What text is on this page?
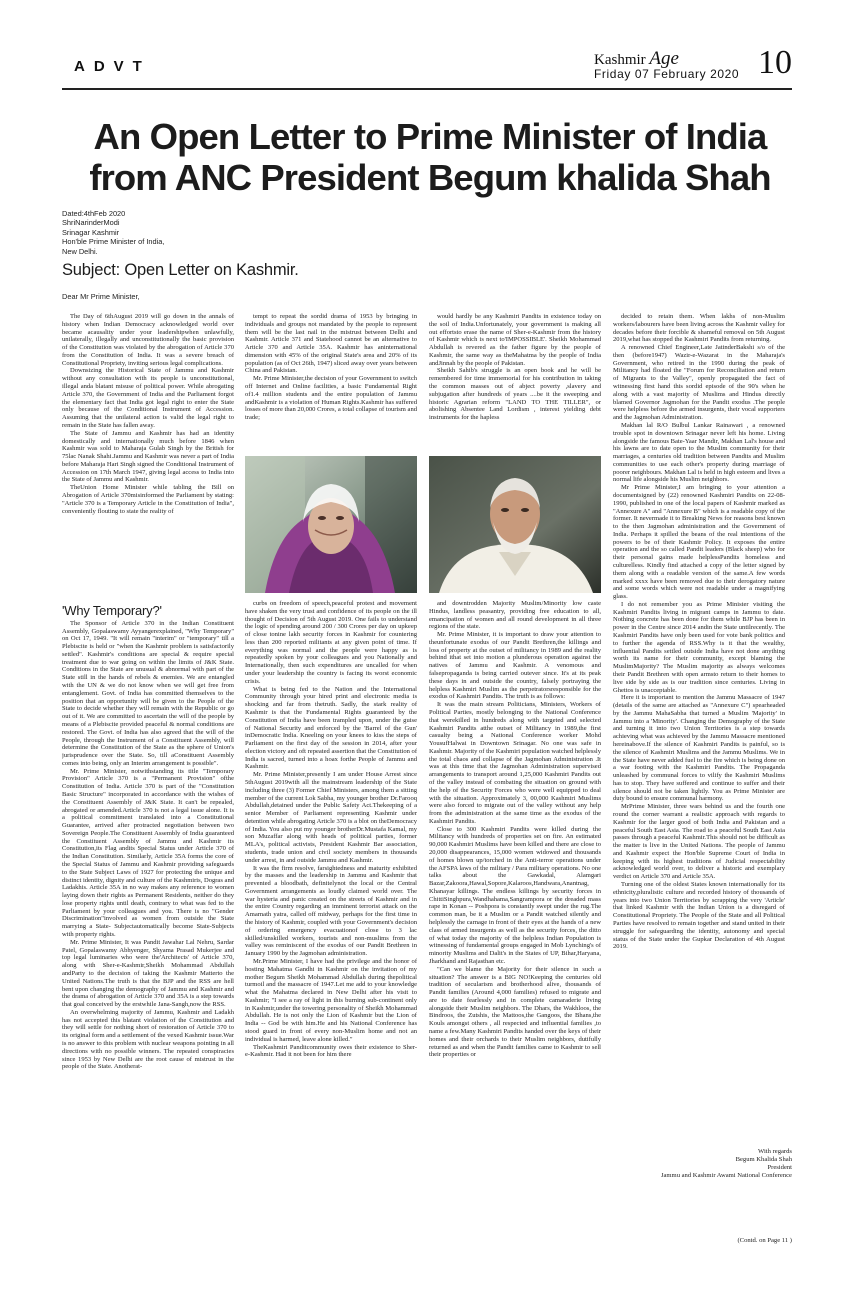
ADVT	Kashmir Age
Friday 07 February 2020 10
An Open Letter to Prime Minister of India
from ANC President Begum khalida Shah
Dated:4thFeb 2020
ShriNarinderModi
Srinagar Kashmir
Hon'ble Prime Minister of India,
New Delhi.
Subject: Open Letter on Kashmir.
Dear Mr Prime Minister,

The Day of 6thAugust 2019 will go down in the annals of history when Indian Democracy acknowledged world over became acausality under your leadershipwhen unlawfully, unilaterally, illegally and unconstitutionally the basic provision of the Constitution was violated by the abrogation of Article 370 from the Constitution of India. It was a severe breach of Constitutional Propriety, inviting serious legal complications.

Downsizing the Historical State of Jammu and Kashmir without any consultation with its people is unconstitutional, illegal anda blatant misuse of political power. While abrogating Article 370, the Government of India and the Parliament forgot the elementary fact that India got legal right to enter the State only because of the Conditional Instrument of Accession. Assuming that the unilateral action is valid the legal right to remain in the State has fallen away.

The State of Jammu and Kashmir has had an identity domestically and internationally much before 1846 when Kashmir was sold to Maharaja Gulab Singh by the British for 75lac Nanak Shahi.Jammu and Kashmir was never a part of India before Maharaja Hari Singh signed the Conditional Instrument of Accession on 17th March 1947, giving legal access to India into the State of Jammu and Kashmir.

TheUnion Home Minister while tabling the Bill on Abrogation of Article 370misinformed the Parliament by stating: "Article 370 is a Temporary Article in the Constitution of India", conveniently flouting to state the reality of

'Why Temporary?'

The Sponsor of Article 370 in the Indian Constituent Assembly, Gopalaswamy Ayyangerexplained, "Why Temporary" on Oct 17, 1949. "It will remain "interim" or "temporary" till a Plebiscite is held or "when the Kashmir problem is satisfactorily settled". Kashmir's conditions are special & require special treatment due to war going on within the limits of J&K State. Conditions in the State are unusual & abnormal with part of the State still in the hands of rebels & enemies. We are entangled with the UN & we do not know when we will get free from entanglement. Govt. of India has committed themselves to the position that an opportunity will be given to the People of the State to decide whether they will remain with the Republic or go out of it. We are committed to ascertain the will of the people by means of a Plebiscite provided peaceful & normal conditions are restored. The Govt. of India has also agreed that the will of the People, through the Instrument of a Constituent Assembly, will determine the Constitution of the State as the sphere of Union's jurisprudence over the State. So, till aConstituent Assembly comes into being, only an Interim arrangement is possible".

Mr. Prime Minister, notwithstanding its title "Temporary Provision" Article 370 is a "Permanent Provision" ofthe Constitution of India. Article 370 is part of the "Constitution Basic Structure" incorporated in accordance with the wishes of the Constituent Assembly of J&K State. It can't be repealed, abrogated or amended.Article 370 is not a legal issue alone. It is a political commitment translated into a Constitutional Guarantee, arrived after protracted negotiation between two Sovereign People.The Constituent Assembly of India guaranteed the Constituent Assembly of Jammu and Kashmir its Constitution,its Flag andits Special Status under Article 370 of the Indian Constitution. Similarly, Article 35A forms the core of the Special Status of Jammu and Kashmir providing safeguards to the State Subject Laws of 1927 for protecting the unique and distinct identity, dignity and culture of the Kashmiris, Dogras and Ladakhis. Article 35A in no way makes any reference to women laying down their rights as Permanent Residents, neither do they lose property rights until death, contrary to what was fed to the Parliament by your colleagues and you. There is no "Gender Discrimination"involved as women from outside the State marrying a State- Subjectautomatically become State-Subjects with property rights.

Mr. Prime Minister, It was Pandit Jawahar Lal Nehru, Sardar Patel, Gopalaswamy Abhyenger, Shyama Prasad Mukerjee and top legal luminaries who were the'Architects' of Article 370, along with Sher-e-Kashmir,Sheikh Mohammad Abdullah andParty to the decision of taking the Kashmir Matterto the United Nations.The truth is that the BJP and the RSS are hell bent upon changing the demography of Jammu and Kashmir and the drama of abrogation of Article 370 and 35A is a step towards that goal conceived by the erstwhile Jana-Sangh,now the RSS.

An overwhelming majority of Jammu, Kashmir and Ladakh has not accepted this blatant violation of the Constitution and they will settle for nothing short of restoration of Article 370 to its original form and a settlement of the vexed Kashmir issue.War is no answer to this problem with nuclear weapons pointing in all directions with no possible winners. The repeated conspiracies since 1953 by New Delhi are the root cause of mistrust in the people of the State. Anotherat-

tempt to repeat the sordid drama of 1953 by bringing in individuals and groups not mandated by the people to represent them will be the last nail in the mistrust between Delhi and Kashmir. Article 371 and Statehood cannot be an alternative to Article 370 and Article 35A. Kashmir has aninternational dimension with 45% of the original State's area and 20% of its population (as of Oct 26th, 1947) sliced away over years between China and Pakistan.

Mr. Prime Minister,the decision of your Government to switch off Internet and Online facilities, a basic Fundamental Right of1.4 million students and the entire population of Jammu andKashmir is a violation of Human Rights.Kashmir has suffered losses of more than 20,000 Crores, a total collapse of tourism and trade;

would hardly be any Kashmiri Pandits in existence today on the soil of India.Unfortunately, your government is making all out effortsto erase the name of Sher-e-Kashmir from the history of Kashmir which is next to'IMPOSSIBLE'. Sheikh Mohammad Abdullah is revered as the father figure by the people of Kashmir, the same way as theMahatma by the people of India andJinnah by the people of Pakistan.

Sheikh Sahib's struggle is an open book and he will be remembered for time immemorial for his contribution in taking the common masses out of abject poverty ,slavery and subjugation after hundreds of years ....be it the sweeping and historic Agrarian reform "LAND TO THE TILLER", or abolishing Absentee Land Lordism , interest yielding debt instruments for the hapless

curbs on freedom of speech,peaceful protest and movement have shaken the very trust and confidence of its people on the ill thought of Decision of 5th August 2019. One fails to understand the logic of spending around 200 / 300 Crores per day on upkeep of close tonine lakh security forces in Kashmir for countering less than 200 reported militants at any given point of time. If everything was normal and the people were happy as is repeatedly spoken by your colleagues and you Nationally and Internationally, then such expenditures are uncalled for when under your leadership the country is facing its worst economic crisis.

What is being fed to the Nation and the International Community through your hired print and electronic media is shocking and far from thetruth. Sadly, the stark reality of Kashmir is that the Fundamental Rights guaranteed by the Constitution of India have been trampled upon, under the guise of National Security and enforced by the 'Barrel of the Gun' inDemocratic India. Kneeling on your knees to kiss the steps of Parliament on the first day of the session in 2014, after your election victory and oft repeated assertion that the Constitution of India is sacred, turned into a hoax forthe People of Jammu and Kashmir.

Mr. Prime Minister,presently I am under House Arrest since 5thAugust 2019with all the mainstream leadership of the State including three (3) Former Chief Ministers, among them a sitting member of the current Lok Sabha, my younger brother Dr.Farooq Abdullah,detained under the Public Safety Act.Thekeeping of a senior Member of Parliament representing Kashmir under detention while abrogating Article 370 is a blot on theDemocracy of India. You also put my younger brotherDr.Mustafa Kamal, my son Muzaffar along with heads of political parties, former MLA's, political activists, President Kashmir Bar association, students, trade union and civil society members in thousands under arrest, in and outside Jammu and Kashmir.

It was the firm resolve, farsightedness and maturity exhibited by the masses and the leadership in Jammu and Kashmir that prevented a bloodbath, definitelynot the local or the Central Government arrangements as loudly claimed world over. The war hysteria and panic created on the streets of Kashmir and in the entire Country regarding an imminent terrorist attack on the Amarnath yatra, called off midway, perhaps for the first time in the history of Kashmir, coupled with your Government's decision of ordering emergency evacuationof close to 3 lac skilled/unskilled workers, tourists and non-muslims from the valley was reminiscent of the exodus of our Pandit Brethren in January 1990 by the Jagmohan administration.

Mr.Prime Minister, I have had the privilege and the honor of hosting Mahatma Gandhi in Kashmir on the invitation of my mother Begum Sheikh Mohammad Abdullah during thepolitical turmoil and the massacre of 1947.Let me add to your knowledge what the Mahatma declared in New Delhi after his visit to Kashmir; "I see a ray of light in this burning sub-continent only in Kashmir,under the towering personality of Sheikh Mohammad Abdullah. He is not only the Lion of Kashmir but the Lion of India -- God be with him.He and his National Conference has stood guard in front of every non-Muslim home and not an individual is harmed, leave alone killed."

TheKashmiri Panditcommunity owes their existence to Sher-e-Kashmir. Had it not been for him there

and downtrodden Majority Muslim/Minority low caste Hindus, landless peasantry, providing free education to all, emancipation of women and all round development in all three regions of the state.

Mr. Prime Minister, it is important to draw your attention to theunfortunate exodus of our Pandit Brethren,the killings and loss of property at the outset of militancy in 1989 and the reality behind ithat set into motion a plunderous operation against the natives of Jammu and Kashmir. A venomous and falsepropaganda is being carried outever since. It's at its peak these days in and outside the country, falsely portraying the helpless Kashmiri Muslim as the perpetratorsresponsible for the exodus of Kashmiri Pandits. The truth is as follows:

It was the main stream Politicians, Ministers, Workers of Political Parties, mostly belonging to the National Conference that werekilled in hundreds along with targeted and selected Kashmiri Pandits atthe outset of Militancy in 1989,the first casualty being a National Conference worker Mohd YousufHalwai in Downtown Srinagar. No one was safe in Kashmir. Majority of the Kashmiri population watched helplessly the total chaos and collapse of the Jagmohan Administration .It was at this time that the Jagmohan Administration supervised arrangements to transport around 1,25,000 Kashmiri Pandits out of the valley instead of combating the situation on ground with the help of the Security Forces who were well equipped to deal with the situation. Approximately 3, 00,000 Kashmiri Muslims were also forced to migrate out of the valley without any help from the administration at the same time as the exodus of the Kashmiri Pandits.

Close to 300 Kashmiri Pandits were killed during the Militancy with hundreds of properties set on fire. An estimated 90,000 Kashmiri Muslims have been killed and there are close to 20,000 disappearances, 15,000 women widowed and thousands of homes blown up/torched in the Anti-terror operations under the AFSPA laws of the military / Para military operations. No one talks about the Gawkadal, Alamgari Bazar,Zakoora,Hawal,Sopore,Kalaroos,Handwara,Anantnag, Khanayar killings. The endless killings by security forces in ChittiSinghpura,Wandhahama,Sangrampora or the dreaded mass rape in Konan -- Poshpora is constantly swept under the rug.The common man, be it a Muslim or a Pandit watched silently and helplessly the carnage in front of their eyes at the hands of a new class of armed insurgents as well as the security forces, the ditto of what today the majority of the helpless Indian Population is witnessing of fundamental groups engaged in Mob Lynching's of minority Muslims and Dalit's in the States of UP, Bihar,Haryana, Jharkhand and Rajasthan etc.

"Can we blame the Majority for their silence in such a situation? The answer is a BIG NO!Keeping the centuries old tradition of secularism and brotherhood alive, thousands of Pandit families (Around 4,000 families) refused to migrate and are to date fearlessly and in complete camaraderie living alongside their Muslim neighbors. The Dhars, the Wakhloos, the Bindroos, the Zutshis, the Mattoos,the Gangoos, the Bhans,the Kouls amongst others , all respected and influential families ,to name a few.Many Kashmiri Pandits handed over the keys of their homes and their orchards to their Muslim neighbors, dutifully returned as and when the Pandit families came to Kashmir to sell their properties or

decided to retain them. When lakhs of non-Muslim workers/labourers have been living across the Kashmir valley for decades before their forcible & shameful removal on 5th August 2019,what has stopped the Kashmiri Pandits from returning.

A renowned Chief Engineer,Late JatinderBakshi s/o of the then (before1947) Wazir-e-Wazarat in the Maharaja's Government, who retired in the 1990 during the peak of Militancy had floated the "Forum for Reconciliation and return of Migrants to the Valley", openly propagated the fact of witnessing first hand this sordid episode of the 90's when he along with a vast majority of Muslims and Hindus directly blamed Governor Jagmohan for the Pandit exodus .The people were helpless before the armed insurgents, their vocal supporters and the Jagmohan Administration.

Makhan lal R/O Bulbul Lankar Rainawari , a renowned trouble spot in downtown Srinagar never left his home. Living alongside the famous Bate-Yaar Mandir, Makhan Lal's house and his lawns are to date open to the Muslim community for their marriages, a centuries old tradition between Pandits and Muslim communities to use each other's property during marriage of poorer neighbours. Makhan Lal is held in high esteem and lives a normal life alongside his Muslim neighbors.

Mr Prime Minister,I am bringing to your attention a documentsigned by (22) renowned Kashmiri Pandits on 22-08-1990, published in one of the local papers of Kashmir marked as "Annexure A" and "Annexure B" which is a readable copy of the former. It nevermade it to Breaking News for reasons best known to the then Jagmohan administration and the Government of India. Perhaps it spilled the beans of the real intentions of the powers to be of their Kashmir Policy. It exposes the entire operation and the so called Pandit leaders (Black sheep) who for their personal gains made helplessPandits homeless and culturelless. Kindly find attached a copy of the letter signed by them along with a readable version of the same.A few words marked xxxx have been removed due to their derogatory nature and some words which were not readable under a magnifying glass.

I do not remember you as Prime Minister visiting the Kashmiri Pandits living in migrant camps in Jammu to date. Nothing concrete has been done for them while BJP has been in power in the Centre since 2014 andin the State untilrecently. The Kashmiri Pandits have only been used for vote bank politics and to further the agenda of RSS.Why is it that the wealthy, influential Pandits settled outside India have not done anything worth its name for their community, except blaming the MuslimMajority? The Muslim majority as always welcomes their Pandit Brethren with open armsto return to their homes to live side by side as is our tradition since centuries. Living in Ghettos is unacceptable.

Here it is important to mention the Jammu Massacre of 1947 (details of the same are attached as "Annexure C") spearheaded by the Jammu MahaSabha that turned a Muslim 'Majority' in Jammu into a 'Minority'. Changing the Demography of the State and turning it into two Union Territories is a step towards achieving what was achieved by the Jammu Massacre mentioned hereinabove.If the silence of Kashmiri Pandits is painful, so is the silence of Kashmiri Muslims and the Jammu Muslims. We in the State have never added fuel to the fire which is being done on a war footing with the Kashmiri Pandits. The Propaganda unleashed by communal forces to vilify the Kashmiri Muslims has to stop. They have suffered and continue to suffer and their silence should not be taken lightly. You as Prime Minister are duty bound to ensure communal harmony.

MrPrime Minister, three wars behind us and the fourth one round the corner warrant a realistic approach with regards to Kashmir for the larger good of both India and Pakistan and a peaceful South East Asia. The road to a peaceful South East Asia passes through a peaceful Kashmir.This should not be difficult as the matter is live in the United Nations. The people of Jammu and Kashmir expect the Hon'ble Supreme Court of India in keeping with its highest traditions of Judicial respectability acknowledged world over, to deliver a historic and exemplary verdict on Article 370 and Article 35A.

Turning one of the oldest States known internationally for its ethnicity,pluralistic culture and recorded history of thousands of years into two Union Territories by scrapping the very 'Article' that linked Kashmir with the Indian Union is a disregard of Constitutional Propriety. The People of the State and all Political Parties have resolved to remain together and stand united in their struggle for safeguarding the identity, autonomy and special status of the State under the Gupkar Declaration of 4th August 2019.

With regards
Begum Khalida Shah
President
Jammu and Kashmir Awami National Conference
(Contd. on Page 11 )
